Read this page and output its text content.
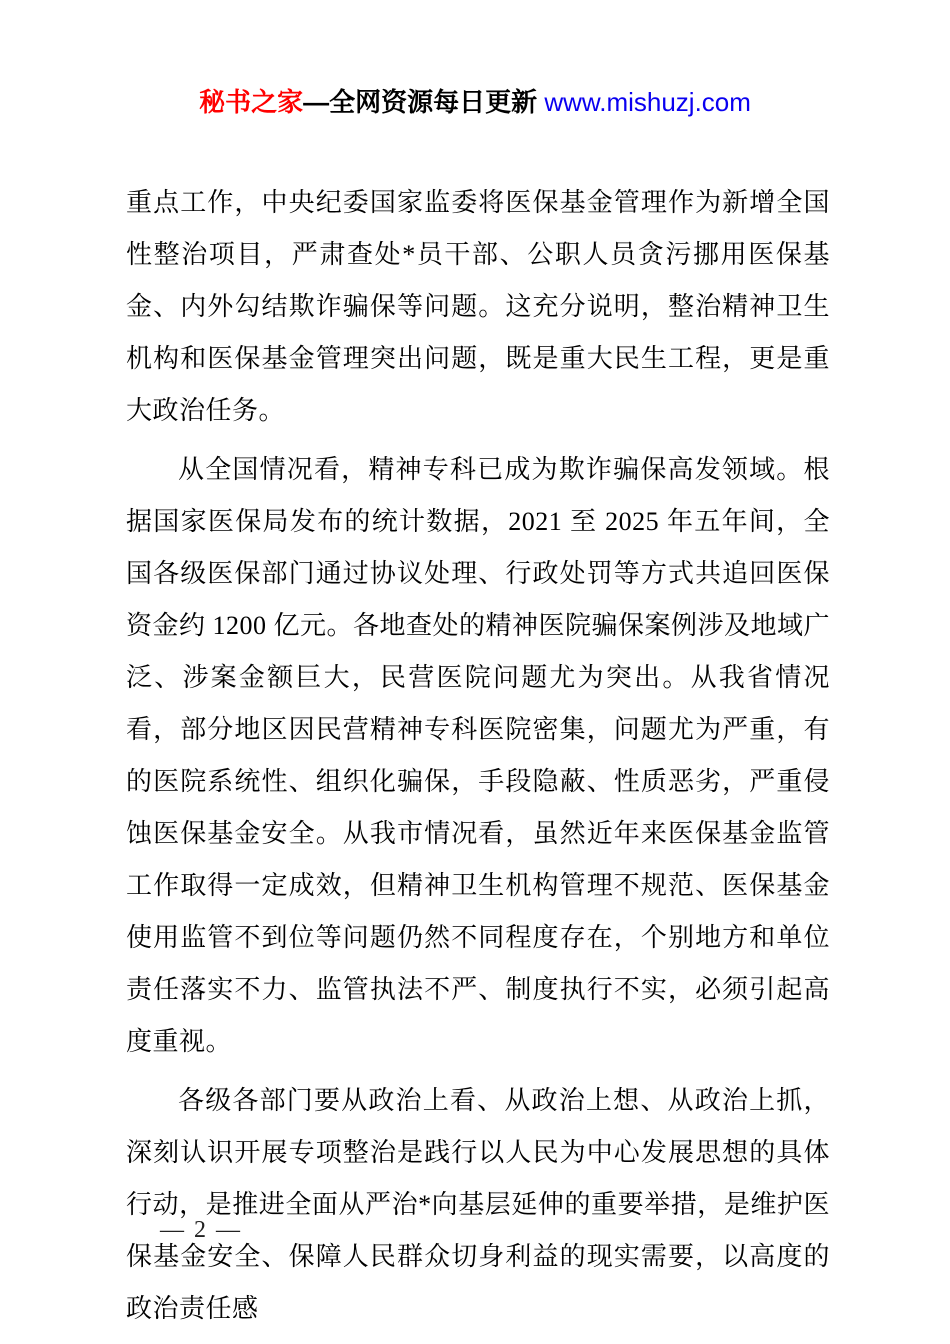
秘书之家—全网资源每日更新 www.mishuzj.com

重点工作，中央纪委国家监委将医保基金管理作为新增全国性整治项目，严肃查处*员干部、公职人员贪污挪用医保基金、内外勾结欺诈骗保等问题。这充分说明，整治精神卫生机构和医保基金管理突出问题，既是重大民生工程，更是重大政治任务。

从全国情况看，精神专科已成为欺诈骗保高发领域。根据国家医保局发布的统计数据，2021 至 2025 年五年间，全国各级医保部门通过协议处理、行政处罚等方式共追回医保资金约 1200 亿元。各地查处的精神医院骗保案例涉及地域广泛、涉案金额巨大，民营医院问题尤为突出。从我省情况看，部分地区因民营精神专科医院密集，问题尤为严重，有的医院系统性、组织化骗保，手段隐蔽、性质恶劣，严重侵蚀医保基金安全。从我市情况看，虽然近年来医保基金监管工作取得一定成效，但精神卫生机构管理不规范、医保基金使用监管不到位等问题仍然不同程度存在，个别地方和单位责任落实不力、监管执法不严、制度执行不实，必须引起高度重视。

各级各部门要从政治上看、从政治上想、从政治上抓，深刻认识开展专项整治是践行以人民为中心发展思想的具体行动，是推进全面从严治*向基层延伸的重要举措，是维护医保基金安全、保障人民群众切身利益的现实需要，以高度的政治责任感

— 2 —
